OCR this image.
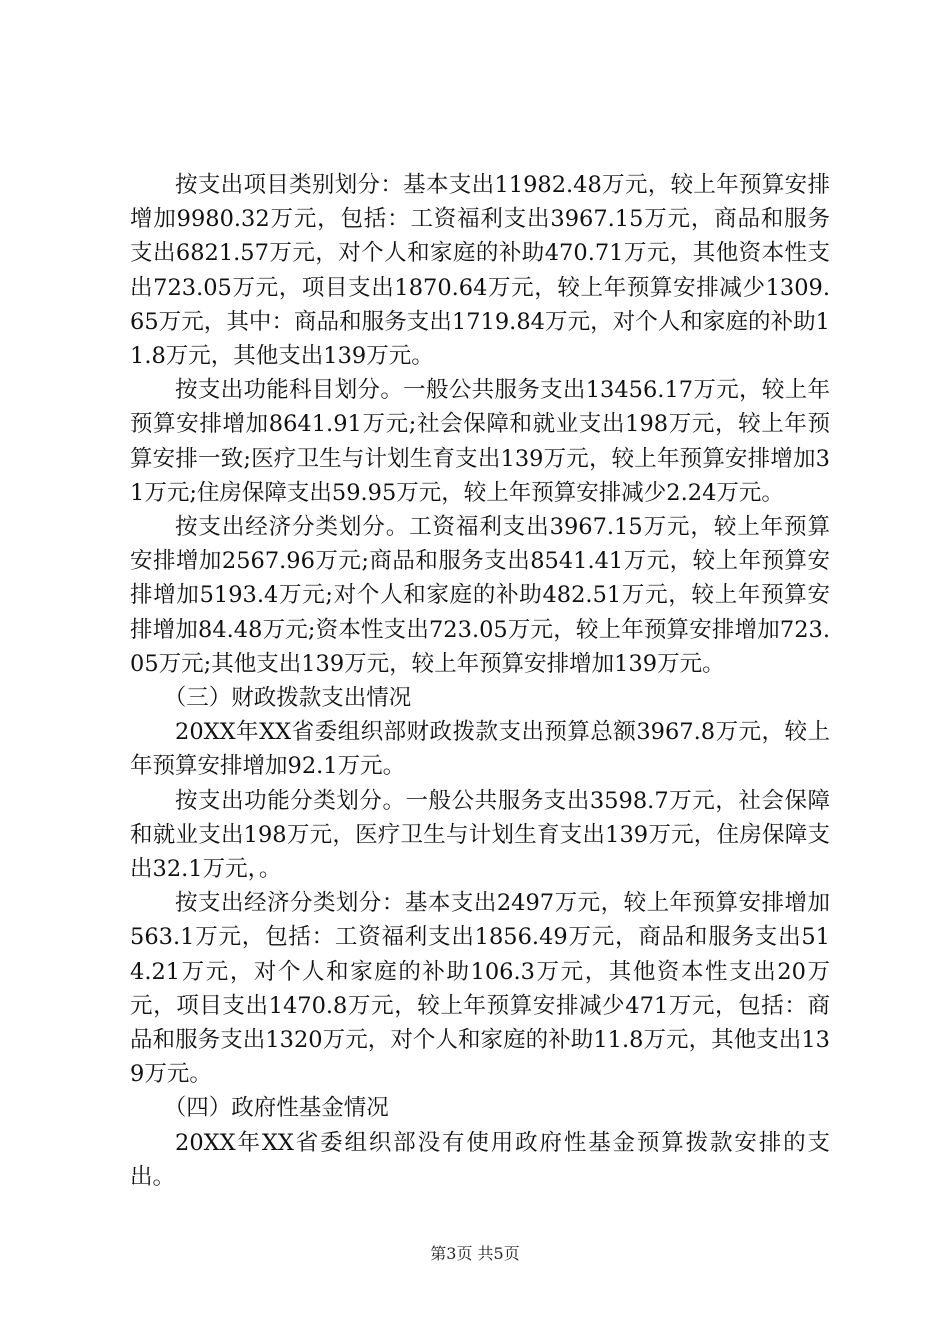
按支出项目类别划分：基本支出11982.48万元，较上年预算安排增加9980.32万元，包括：工资福利支出3967.15万元，商品和服务支出6821.57万元，对个人和家庭的补助470.71万元，其他资本性支出723.05万元，项目支出1870.64万元，较上年预算安排减少1309.65万元，其中：商品和服务支出1719.84万元，对个人和家庭的补助11.8万元，其他支出139万元。

按支出功能科目划分。一般公共服务支出13456.17万元，较上年预算安排增加8641.91万元;社会保障和就业支出198万元，较上年预算安排一致;医疗卫生与计划生育支出139万元，较上年预算安排增加31万元;住房保障支出59.95万元，较上年预算安排减少2.24万元。

按支出经济分类划分。工资福利支出3967.15万元，较上年预算安排增加2567.96万元;商品和服务支出8541.41万元，较上年预算安排增加5193.4万元;对个人和家庭的补助482.51万元，较上年预算安排增加84.48万元;资本性支出723.05万元，较上年预算安排增加723.05万元;其他支出139万元，较上年预算安排增加139万元。

（三）财政拨款支出情况

20XX年XX省委组织部财政拨款支出预算总额3967.8万元，较上年预算安排增加92.1万元。

按支出功能分类划分。一般公共服务支出3598.7万元，社会保障和就业支出198万元，医疗卫生与计划生育支出139万元，住房保障支出32.1万元，。

按支出经济分类划分：基本支出2497万元，较上年预算安排增加563.1万元，包括：工资福利支出1856.49万元，商品和服务支出514.21万元，对个人和家庭的补助106.3万元，其他资本性支出20万元，项目支出1470.8万元，较上年预算安排减少471万元，包括：商品和服务支出1320万元，对个人和家庭的补助11.8万元，其他支出139万元。

（四）政府性基金情况

20XX年XX省委组织部没有使用政府性基金预算拨款安排的支出。

第3页 共5页
